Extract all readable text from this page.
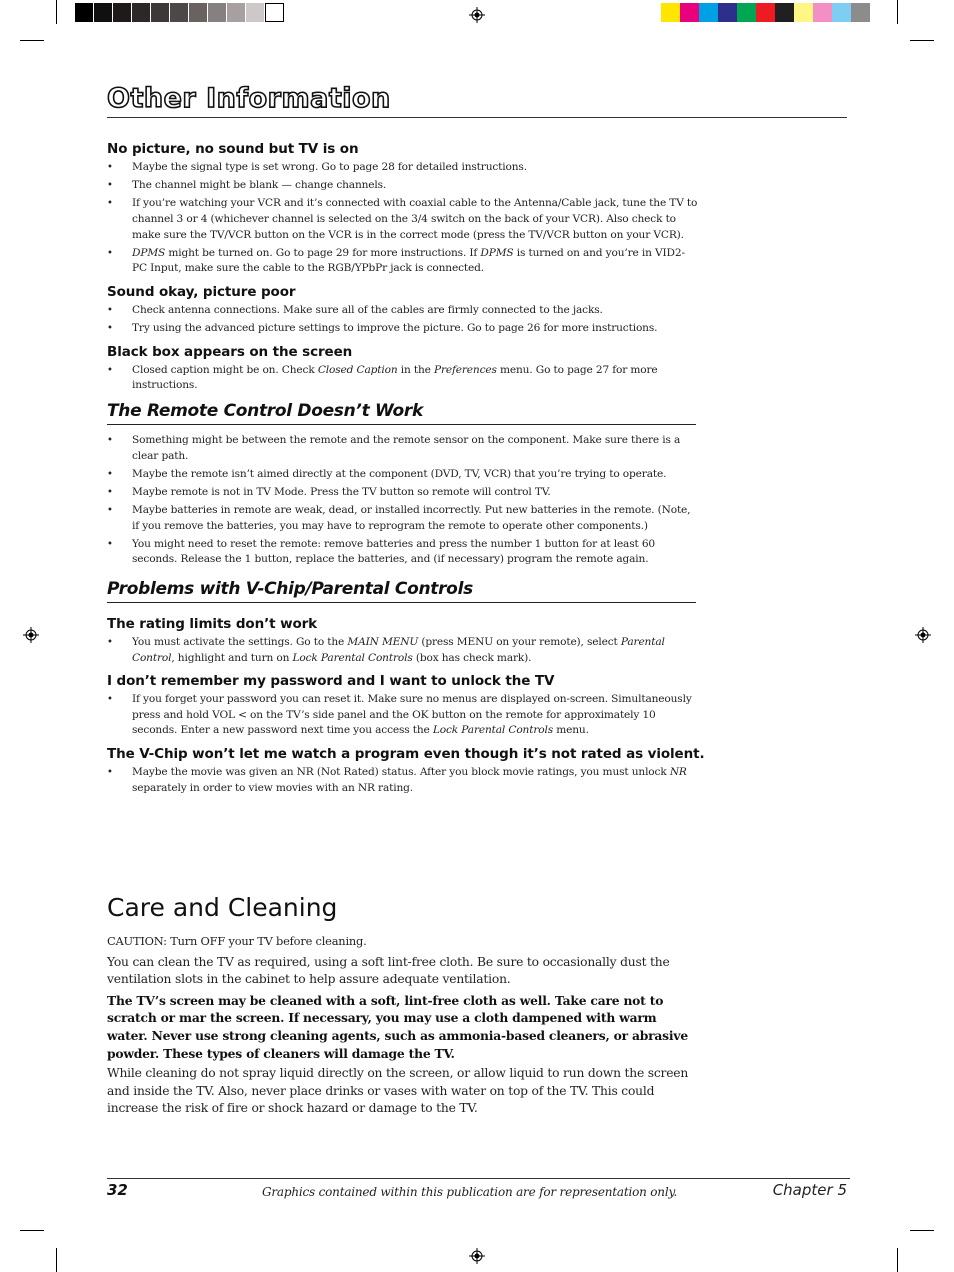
Other Information
No picture, no sound but TV is on
• Maybe the signal type is set wrong. Go to page 28 for detailed instructions.
• The channel might be blank — change channels.
• If you’re watching your VCR and it’s connected with coaxial cable to the Antenna/Cable jack, tune the TV to channel 3 or 4 (whichever channel is selected on the 3/4 switch on the back of your VCR). Also check to make sure the TV/VCR button on the VCR is in the correct mode (press the TV/VCR button on your VCR).
• DPMS might be turned on. Go to page 29 for more instructions. If DPMS is turned on and you’re in VID2-PC Input, make sure the cable to the RGB/YPbPr jack is connected.
Sound okay, picture poor
• Check antenna connections. Make sure all of the cables are firmly connected to the jacks.
• Try using the advanced picture settings to improve the picture. Go to page 26 for more instructions.
Black box appears on the screen
• Closed caption might be on. Check Closed Caption in the Preferences menu. Go to page 27 for more instructions.
The Remote Control Doesn’t Work
• Something might be between the remote and the remote sensor on the component. Make sure there is a clear path.
• Maybe the remote isn’t aimed directly at the component (DVD, TV, VCR) that you’re trying to operate.
• Maybe remote is not in TV Mode. Press the TV button so remote will control TV.
• Maybe batteries in remote are weak, dead, or installed incorrectly. Put new batteries in the remote. (Note, if you remove the batteries, you may have to reprogram the remote to operate other components.)
• You might need to reset the remote: remove batteries and press the number 1 button for at least 60 seconds. Release the 1 button, replace the batteries, and (if necessary) program the remote again.
Problems with V-Chip/Parental Controls
The rating limits don’t work
• You must activate the settings. Go to the MAIN MENU (press MENU on your remote), select Parental Control, highlight and turn on Lock Parental Controls (box has check mark).
I don’t remember my password and I want to unlock the TV
• If you forget your password you can reset it. Make sure no menus are displayed on-screen. Simultaneously press and hold VOL < on the TV’s side panel and the OK button on the remote for approximately 10 seconds. Enter a new password next time you access the Lock Parental Controls menu.
The V-Chip won’t let me watch a program even though it’s not rated as violent.
• Maybe the movie was given an NR (Not Rated) status. After you block movie ratings, you must unlock NR separately in order to view movies with an NR rating.
Care and Cleaning

CAUTION: Turn OFF your TV before cleaning.

You can clean the TV as required, using a soft lint-free cloth. Be sure to occasionally dust the ventilation slots in the cabinet to help assure adequate ventilation.

The TV’s screen may be cleaned with a soft, lint-free cloth as well. Take care not to scratch or mar the screen. If necessary, you may use a cloth dampened with warm water. Never use strong cleaning agents, such as ammonia-based cleaners, or abrasive powder. These types of cleaners will damage the TV.

While cleaning do not spray liquid directly on the screen, or allow liquid to run down the screen and inside the TV. Also, never place drinks or vases with water on top of the TV. This could increase the risk of fire or shock hazard or damage to the TV.

32	Graphics contained within this publication are for representation only.	Chapter 5
